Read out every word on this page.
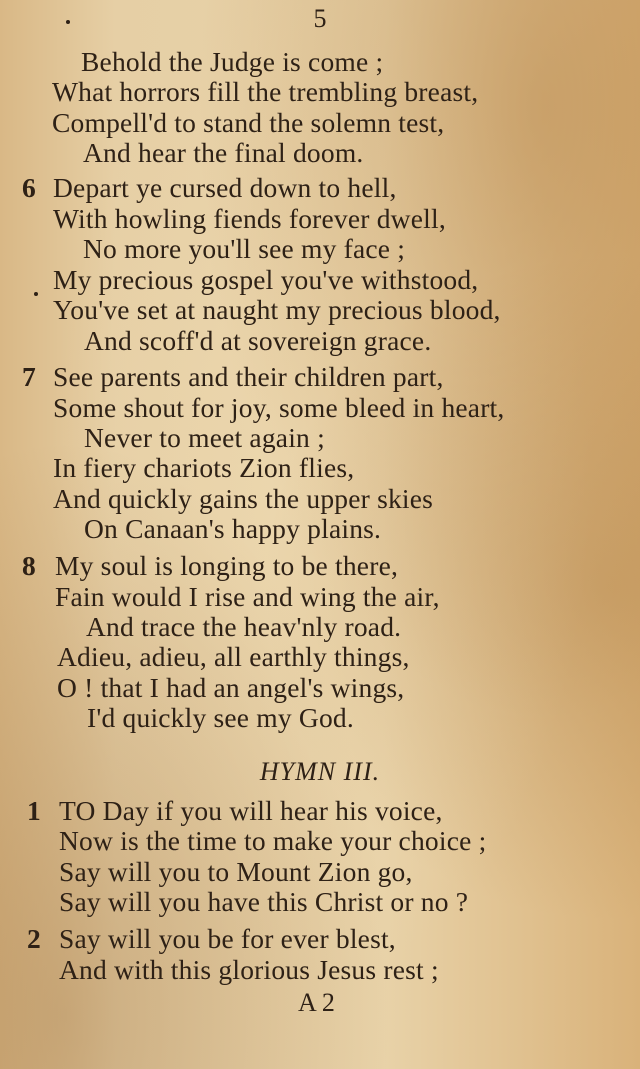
5
Behold the Judge is come ;
What horrors fill the trembling breast,
Compell'd to stand the solemn test,
And hear the final doom.
6 Depart ye cursed down to hell,
With howling fiends forever dwell,
No more you'll see my face ;
My precious gospel you've withstood,
You've set at naught my precious blood,
And scoff'd at sovereign grace.
7 See parents and their children part,
Some shout for joy, some bleed in heart,
Never to meet again ;
In fiery chariots Zion flies,
And quickly gains the upper skies
On Canaan's happy plains.
8 My soul is longing to be there,
Fain would I rise and wing the air,
And trace the heav'nly road.
Adieu, adieu, all earthly things,
O ! that I had an angel's wings,
I'd quickly see my God.
HYMN III.
1 TO Day if you will hear his voice,
Now is the time to make your choice ;
Say will you to Mount Zion go,
Say will you have this Christ or no ?
2 Say will you be for ever blest,
And with this glorious Jesus rest ;
A 2
